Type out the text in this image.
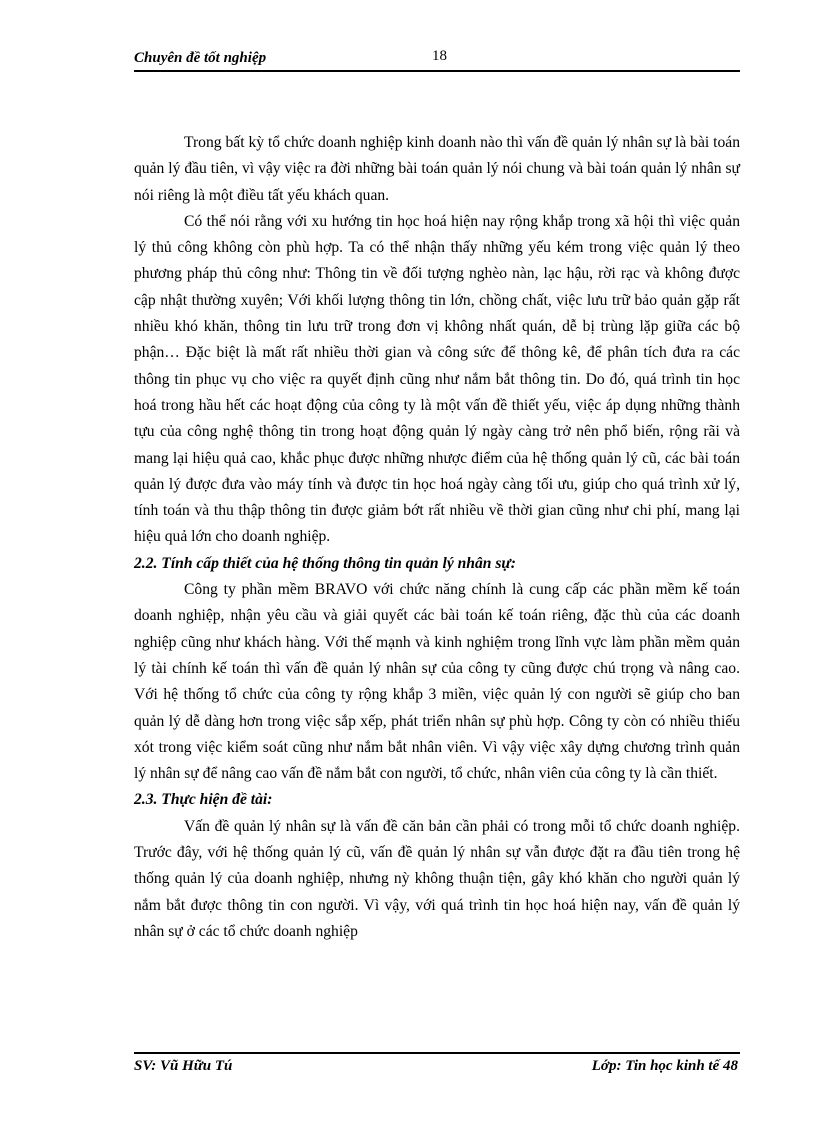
Chuyên đề tốt nghiệp	18

Trong bất kỳ tổ chức doanh nghiệp kinh doanh nào thì vấn đề quản lý nhân sự là bài toán quản lý đầu tiên, vì vậy việc ra đời những bài toán quản lý nói chung và bài toán quản lý nhân sự nói riêng là một điều tất yếu khách quan.

Có thể nói rằng với xu hướng tin học hoá hiện nay rộng khắp trong xã hội thì việc quản lý thủ công không còn phù hợp. Ta có thể nhận thấy những yếu kém trong việc quản lý theo phương pháp thủ công như: Thông tin về đối tượng nghèo nàn, lạc hậu, rời rạc và không được cập nhật thường xuyên; Với khối lượng thông tin lớn, chồng chất, việc lưu trữ bảo quản gặp rất nhiều khó khăn, thông tin lưu trữ trong đơn vị không nhất quán, dễ bị trùng lặp giữa các bộ phận… Đặc biệt là mất rất nhiều thời gian và công sức để thông kê, để phân tích đưa ra các thông tin phục vụ cho việc ra quyết định cũng như nắm bắt thông tin. Do đó, quá trình tin học hoá trong hầu hết các hoạt động của công ty là một vấn đề thiết yếu, việc áp dụng những thành tựu của công nghệ thông tin trong hoạt động quản lý ngày càng trở nên phổ biến, rộng rãi và mang lại hiệu quả cao, khắc phục được những nhược điểm của hệ thống quản lý cũ, các bài toán quản lý được đưa vào máy tính và được tin học hoá ngày càng tối ưu, giúp cho quá trình xử lý, tính toán và thu thập thông tin được giảm bớt rất nhiều về thời gian cũng như chi phí, mang lại hiệu quả lớn cho doanh nghiệp.

2.2. Tính cấp thiết của hệ thống thông tin quản lý nhân sự:

Công ty phần mềm BRAVO với chức năng chính là cung cấp các phần mềm kế toán doanh nghiệp, nhận yêu cầu và giải quyết các bài toán kế toán riêng, đặc thù của các doanh nghiệp cũng như khách hàng. Với thế mạnh và kinh nghiệm trong lĩnh vực làm phần mềm quản lý tài chính kế toán thì vấn đề quản lý nhân sự của công ty cũng được chú trọng và nâng cao. Với hệ thống tổ chức của công ty rộng khắp 3 miền, việc quản lý con người sẽ giúp cho ban quản lý dễ dàng hơn trong việc sắp xếp, phát triển nhân sự phù hợp. Công ty còn có nhiều thiếu xót trong việc kiểm soát cũng như nắm bắt nhân viên. Vì vậy việc xây dựng chương trình quản lý nhân sự để nâng cao vấn đề nắm bắt con người, tổ chức, nhân viên của công ty là cần thiết.

2.3. Thực hiện đề tài:

Vấn đề quản lý nhân sự là vấn đề căn bản cần phải có trong mỗi tổ chức doanh nghiệp. Trước đây, với hệ thống quản lý cũ, vấn đề quản lý nhân sự vẫn được đặt ra đầu tiên trong hệ thống quản lý của doanh nghiệp, nhưng nỳ không thuận tiện, gây khó khăn cho người quản lý nắm bắt được thông tin con người. Vì vậy, với quá trình tin học hoá hiện nay, vấn đề quản lý nhân sự ở các tổ chức doanh nghiệp

SV: Vũ Hữu Tú	Lớp: Tin học kinh tế 48
